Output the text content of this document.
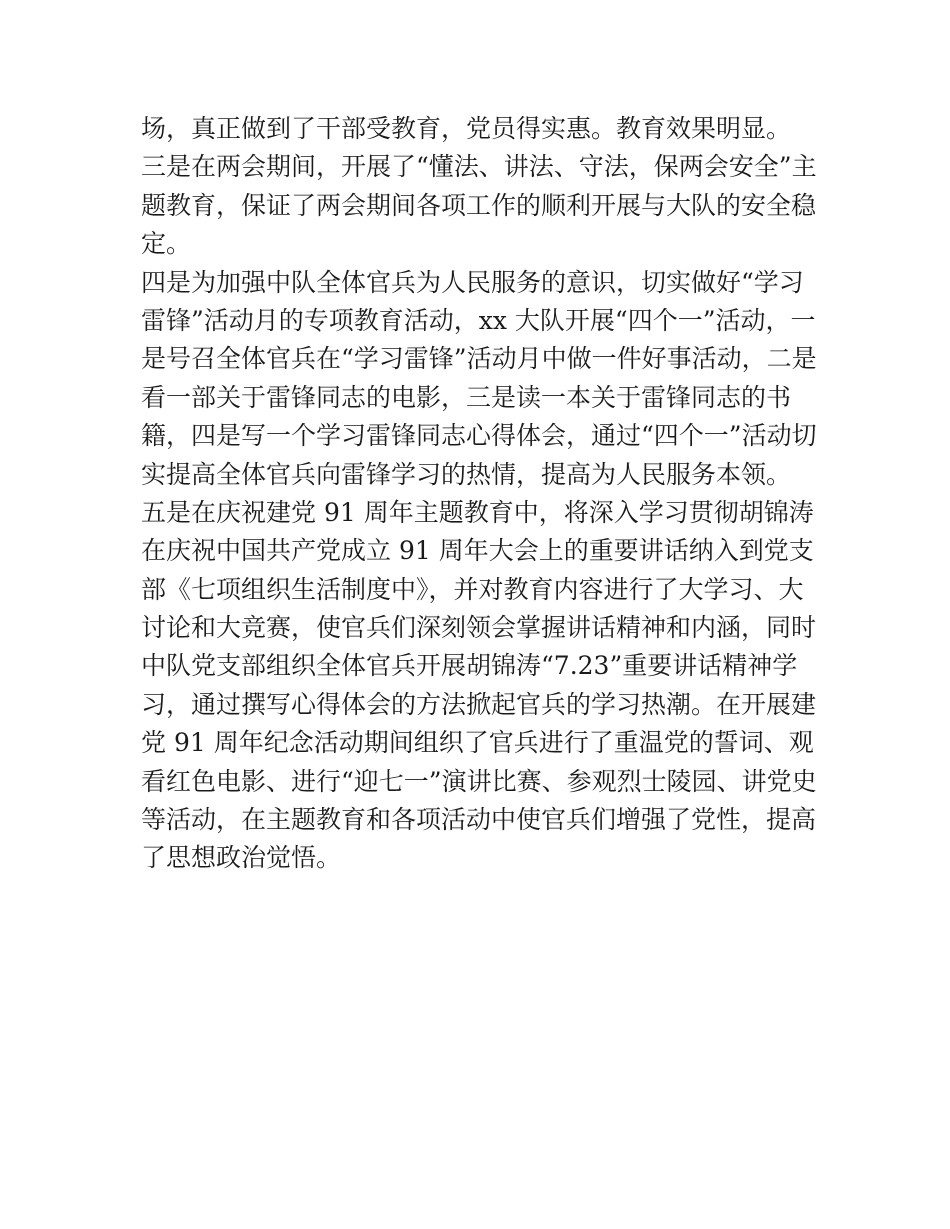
场，真正做到了干部受教育，党员得实惠。教育效果明显。
三是在两会期间，开展了“懂法、讲法、守法，保两会安全”主
题教育，保证了两会期间各项工作的顺利开展与大队的安全稳
定。
四是为加强中队全体官兵为人民服务的意识，切实做好“学习
雷锋”活动月的专项教育活动，xx 大队开展“四个一”活动，一
是号召全体官兵在“学习雷锋”活动月中做一件好事活动，二是
看一部关于雷锋同志的电影，三是读一本关于雷锋同志的书
籍，四是写一个学习雷锋同志心得体会，通过“四个一”活动切
实提高全体官兵向雷锋学习的热情，提高为人民服务本领。
五是在庆祝建党 91 周年主题教育中，将深入学习贯彻胡锦涛
在庆祝中国共产党成立 91 周年大会上的重要讲话纳入到党支
部《七项组织生活制度中》，并对教育内容进行了大学习、大
讨论和大竞赛，使官兵们深刻领会掌握讲话精神和内涵，同时
中队党支部组织全体官兵开展胡锦涛“7.23”重要讲话精神学
习，通过撰写心得体会的方法掀起官兵的学习热潮。在开展建
党 91 周年纪念活动期间组织了官兵进行了重温党的誓词、观
看红色电影、进行“迎七一”演讲比赛、参观烈士陵园、讲党史
等活动，在主题教育和各项活动中使官兵们增强了党性，提高
了思想政治觉悟。
